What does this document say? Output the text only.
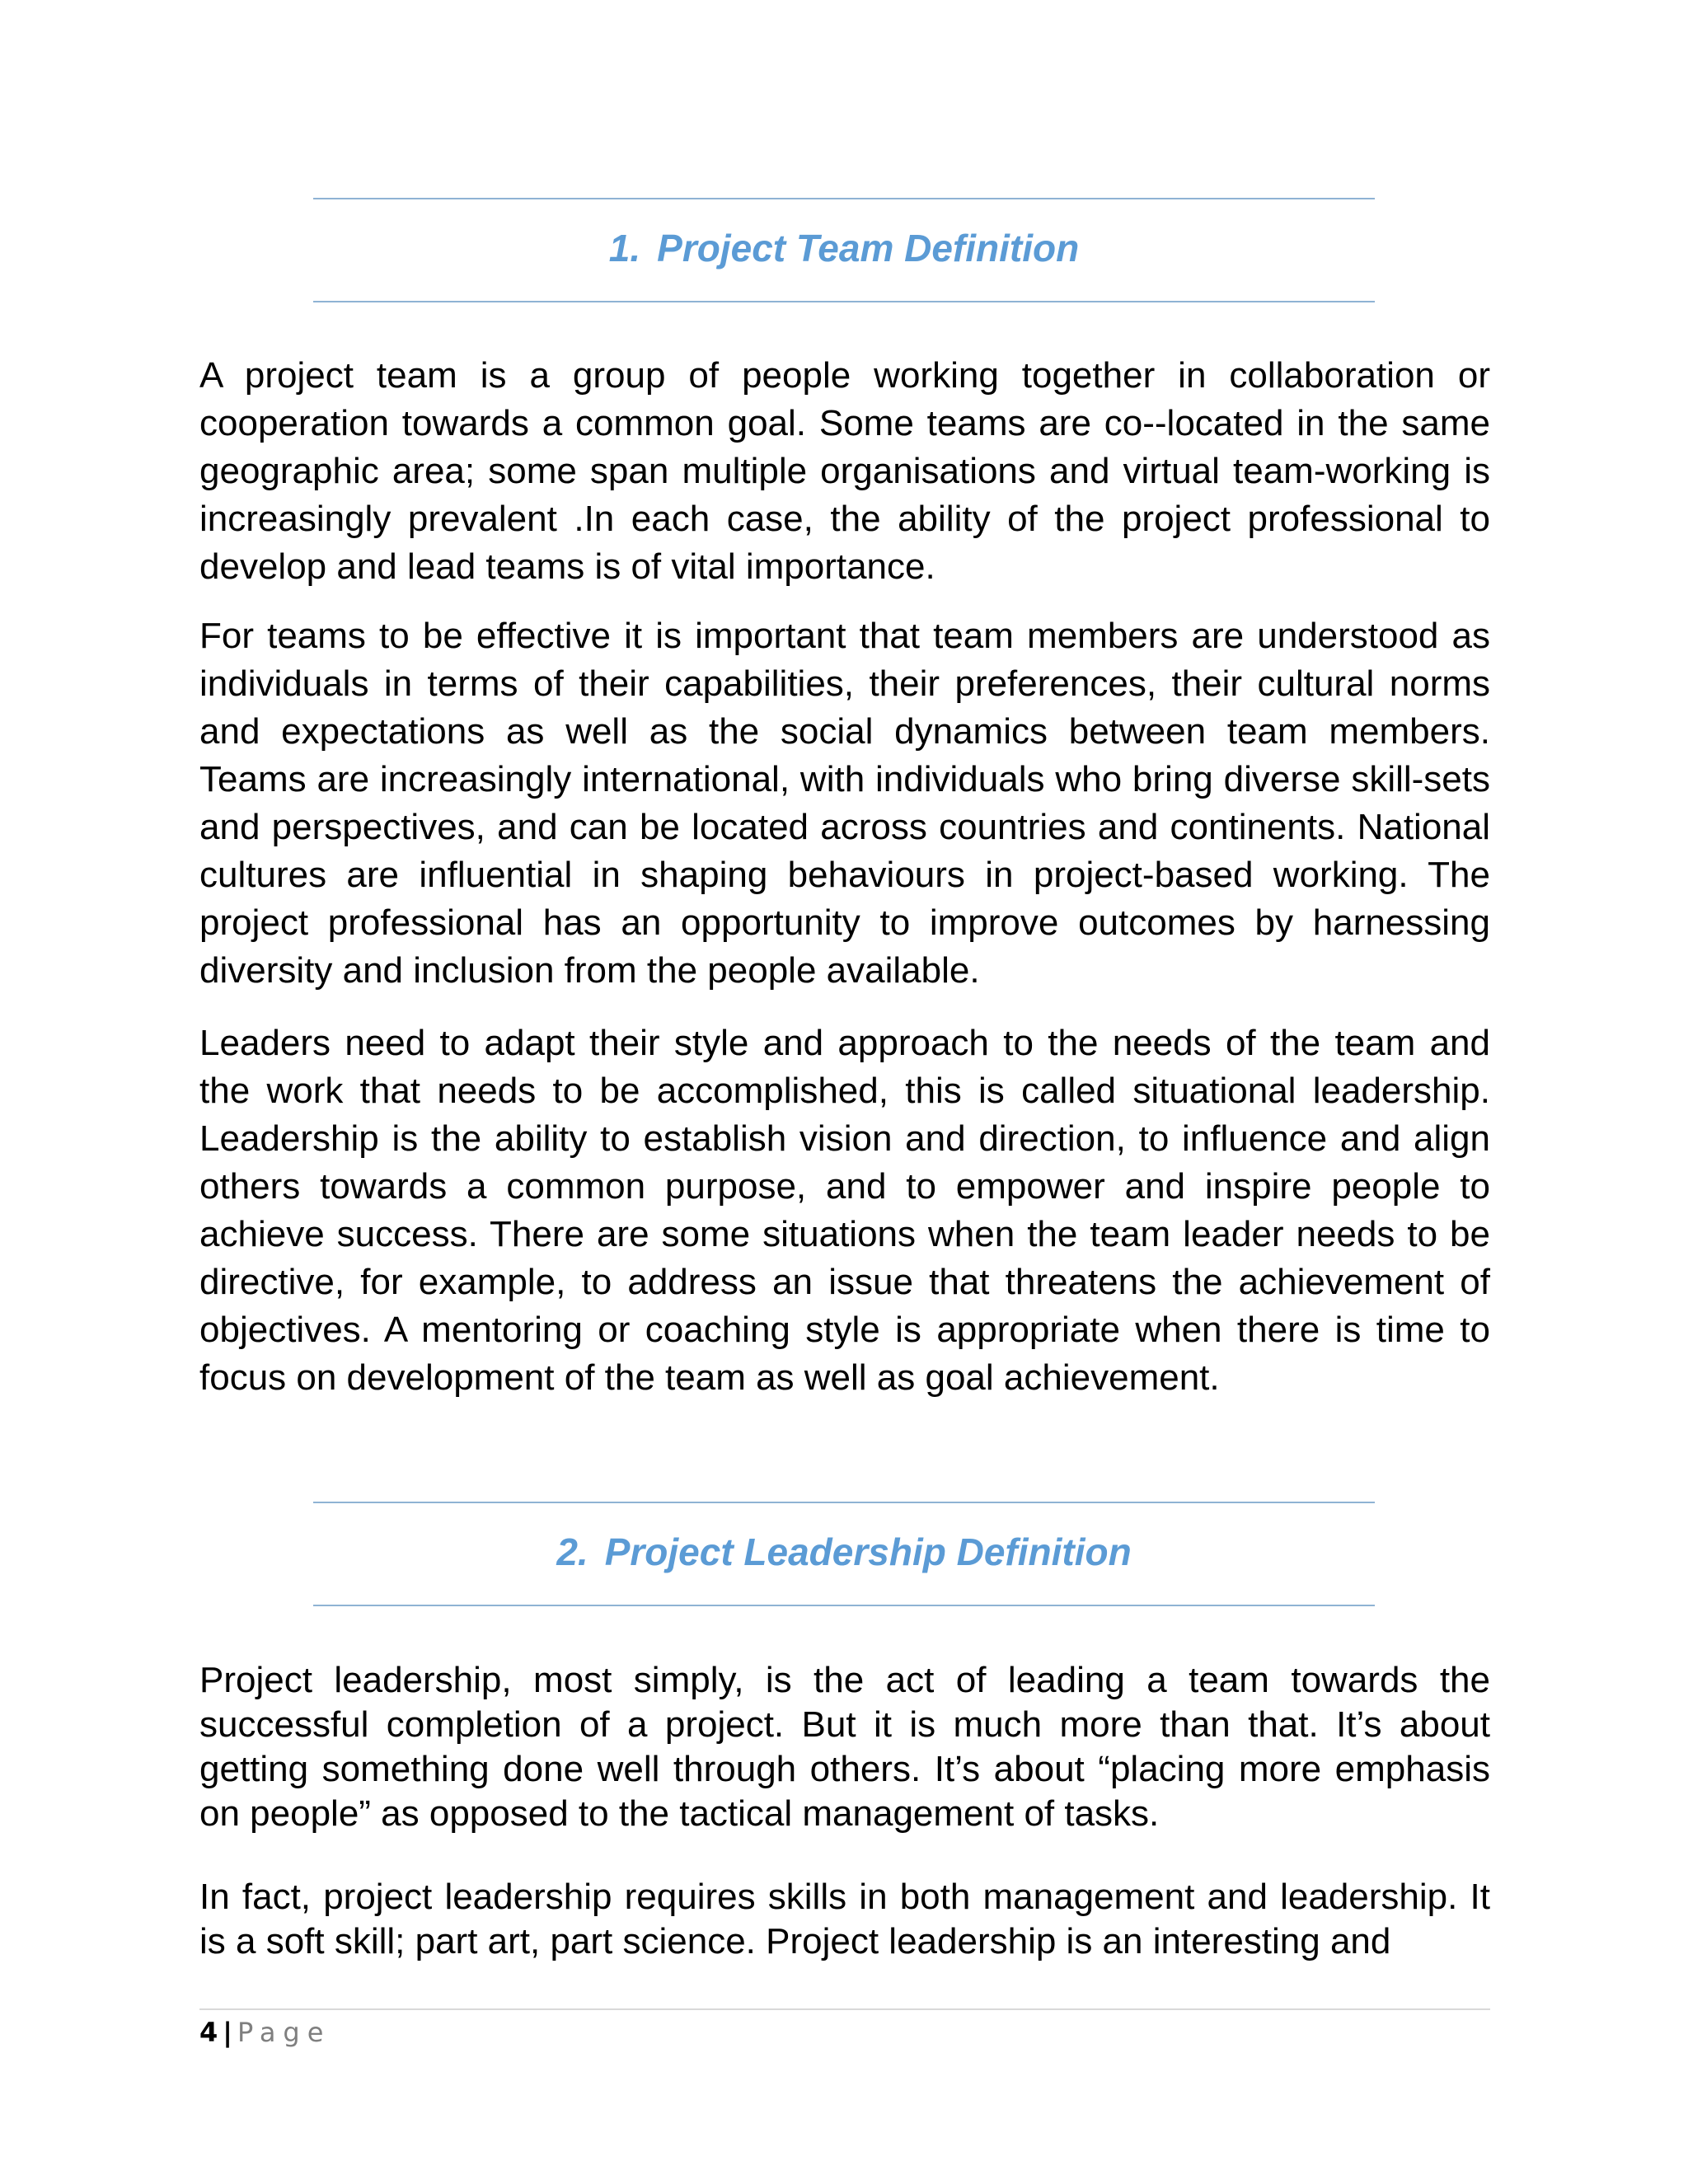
1. Project Team Definition

A project team is a group of people working together in collaboration or cooperation towards a common goal. Some teams are co--located in the same geographic area; some span multiple organisations and virtual team-working is increasingly prevalent .In each case, the ability of the project professional to develop and lead teams is of vital importance.

For teams to be effective it is important that team members are understood as individuals in terms of their capabilities, their preferences, their cultural norms and expectations as well as the social dynamics between team members. Teams are increasingly international, with individuals who bring diverse skill-sets and perspectives, and can be located across countries and continents. National cultures are influential in shaping behaviours in project-based working. The project professional has an opportunity to improve outcomes by harnessing diversity and inclusion from the people available.

Leaders need to adapt their style and approach to the needs of the team and the work that needs to be accomplished, this is called situational leadership. Leadership is the ability to establish vision and direction, to influence and align others towards a common purpose, and to empower and inspire people to achieve success. There are some situations when the team leader needs to be directive, for example, to address an issue that threatens the achievement of objectives. A mentoring or coaching style is appropriate when there is time to focus on development of the team as well as goal achievement.

2. Project Leadership Definition

Project leadership, most simply, is the act of leading a team towards the successful completion of a project. But it is much more than that. It’s about getting something done well through others. It’s about “placing more emphasis on people” as opposed to the tactical management of tasks.

In fact, project leadership requires skills in both management and leadership. It is a soft skill; part art, part science. Project leadership is an interesting and

4 | Page
